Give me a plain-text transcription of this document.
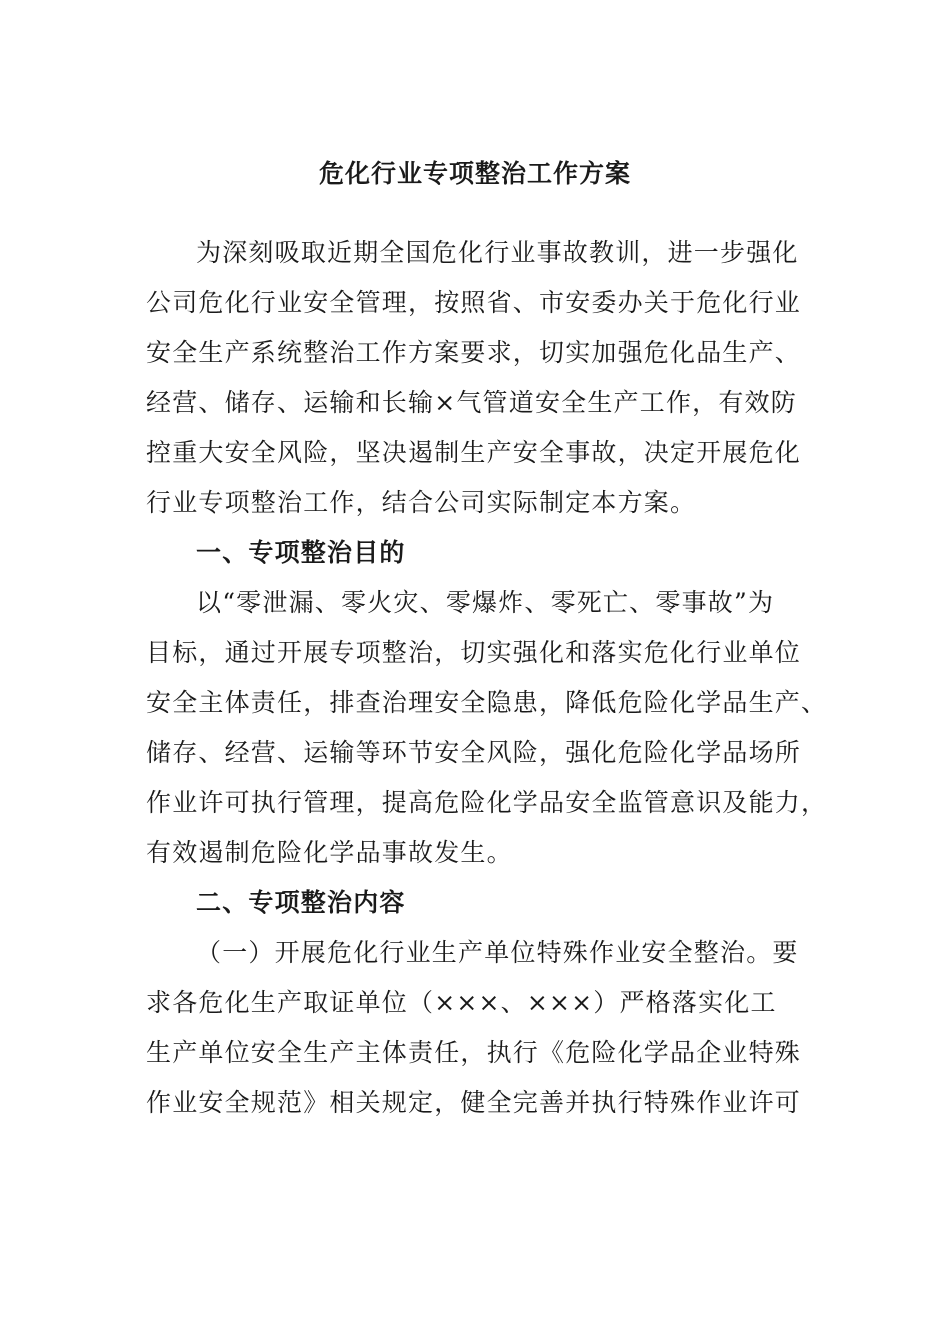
危化行业专项整治工作方案
为深刻吸取近期全国危化行业事故教训，进一步强化
公司危化行业安全管理，按照省、市安委办关于危化行业
安全生产系统整治工作方案要求，切实加强危化品生产、
经营、储存、运输和长输×气管道安全生产工作，有效防
控重大安全风险，坚决遏制生产安全事故，决定开展危化
行业专项整治工作，结合公司实际制定本方案。
一、专项整治目的
以“零泄漏、零火灾、零爆炸、零死亡、零事故”为
目标，通过开展专项整治，切实强化和落实危化行业单位
安全主体责任，排查治理安全隐患，降低危险化学品生产、
储存、经营、运输等环节安全风险，强化危险化学品场所
作业许可执行管理，提高危险化学品安全监管意识及能力，
有效遏制危险化学品事故发生。
二、专项整治内容
（一）开展危化行业生产单位特殊作业安全整治。要
求各危化生产取证单位（×××、×××）严格落实化工
生产单位安全生产主体责任，执行《危险化学品企业特殊
作业安全规范》相关规定，健全完善并执行特殊作业许可
